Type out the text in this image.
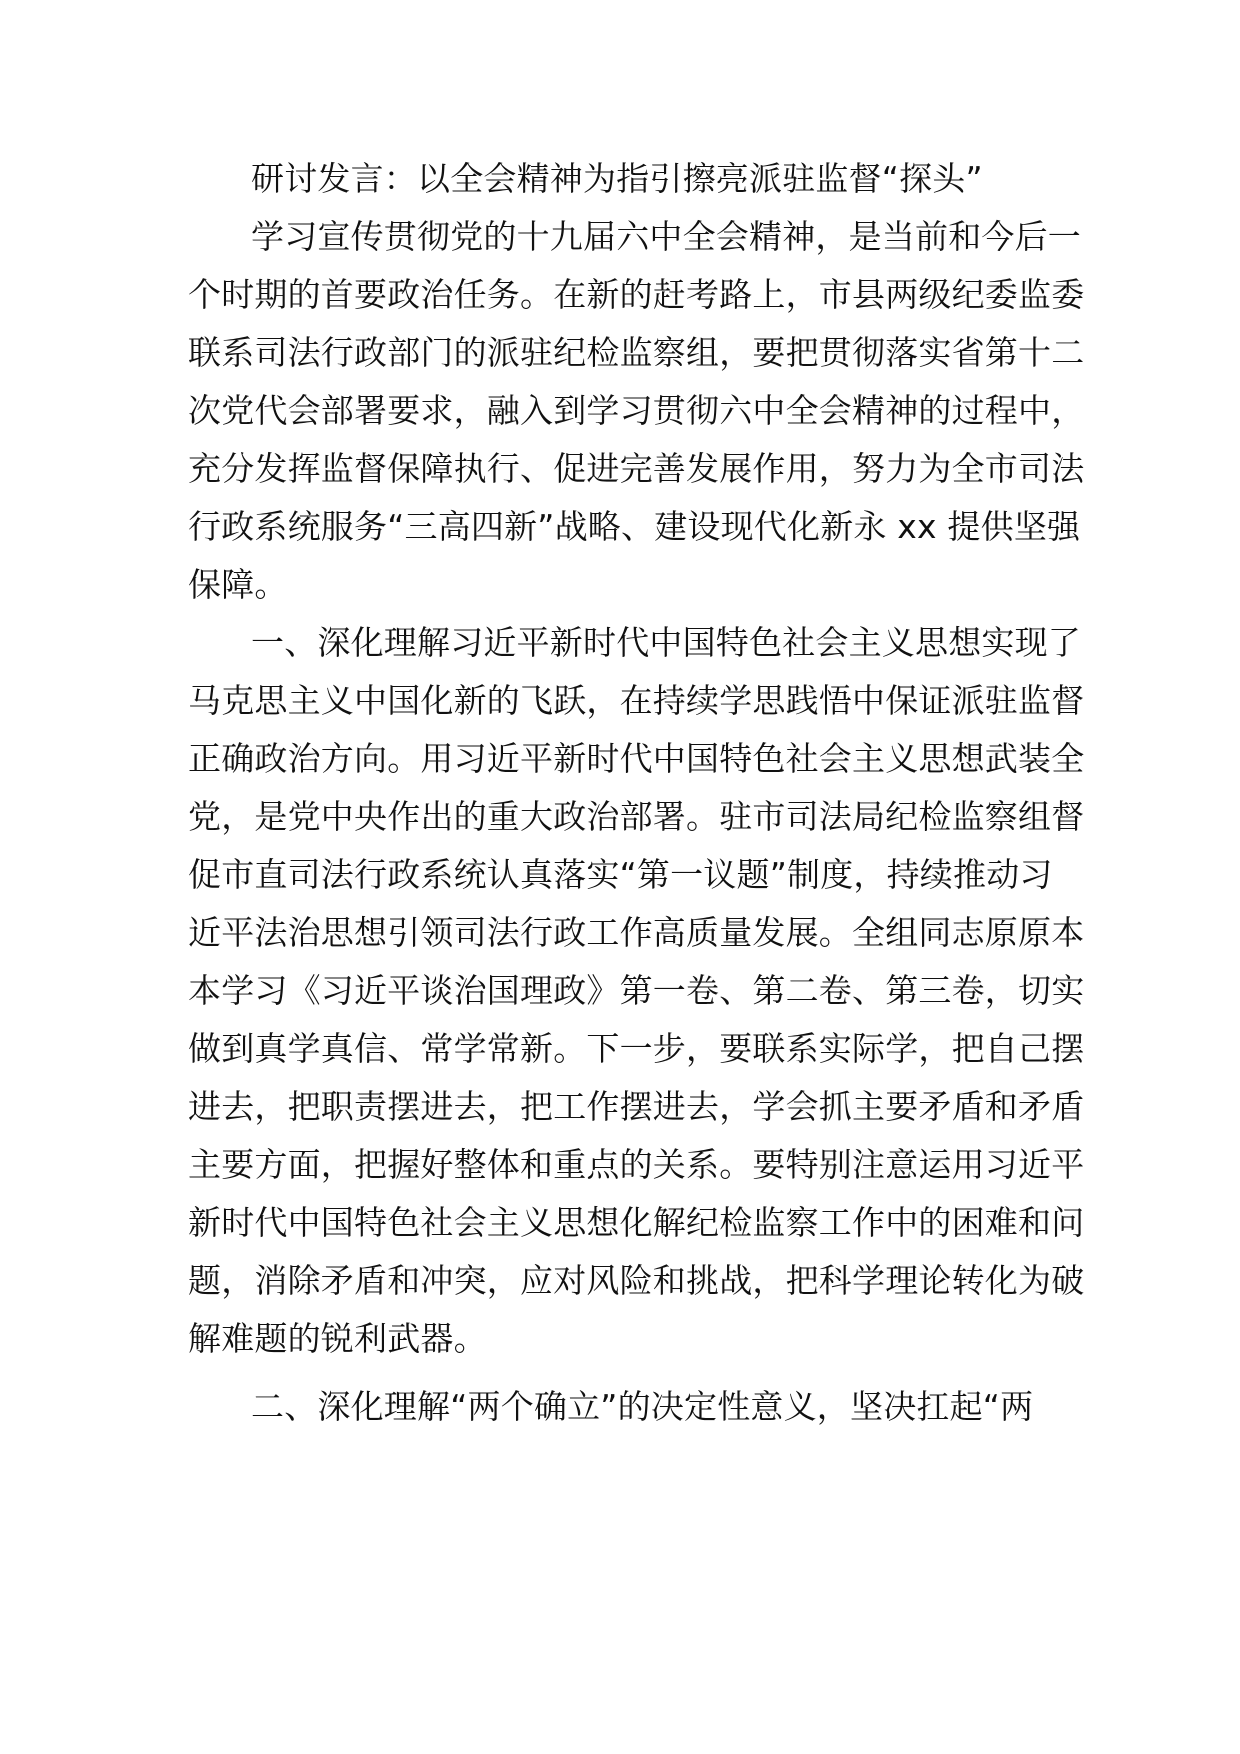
研讨发言：以全会精神为指引擦亮派驻监督“探头”
学习宣传贯彻党的十九届六中全会精神，是当前和今后一
个时期的首要政治任务。在新的赶考路上，市县两级纪委监委
联系司法行政部门的派驻纪检监察组，要把贯彻落实省第十二
次党代会部署要求，融入到学习贯彻六中全会精神的过程中，
充分发挥监督保障执行、促进完善发展作用，努力为全市司法
行政系统服务“三高四新”战略、建设现代化新永 xx 提供坚强
保障。
一、深化理解习近平新时代中国特色社会主义思想实现了
马克思主义中国化新的飞跃，在持续学思践悟中保证派驻监督
正确政治方向。用习近平新时代中国特色社会主义思想武装全
党，是党中央作出的重大政治部署。驻市司法局纪检监察组督
促市直司法行政系统认真落实“第一议题”制度，持续推动习
近平法治思想引领司法行政工作高质量发展。全组同志原原本
本学习《习近平谈治国理政》第一卷、第二卷、第三卷，切实
做到真学真信、常学常新。下一步，要联系实际学，把自己摆
进去，把职责摆进去，把工作摆进去，学会抓主要矛盾和矛盾
主要方面，把握好整体和重点的关系。要特别注意运用习近平
新时代中国特色社会主义思想化解纪检监察工作中的困难和问
题，消除矛盾和冲突，应对风险和挑战，把科学理论转化为破
解难题的锐利武器。
二、深化理解“两个确立”的决定性意义，坚决扛起“两
